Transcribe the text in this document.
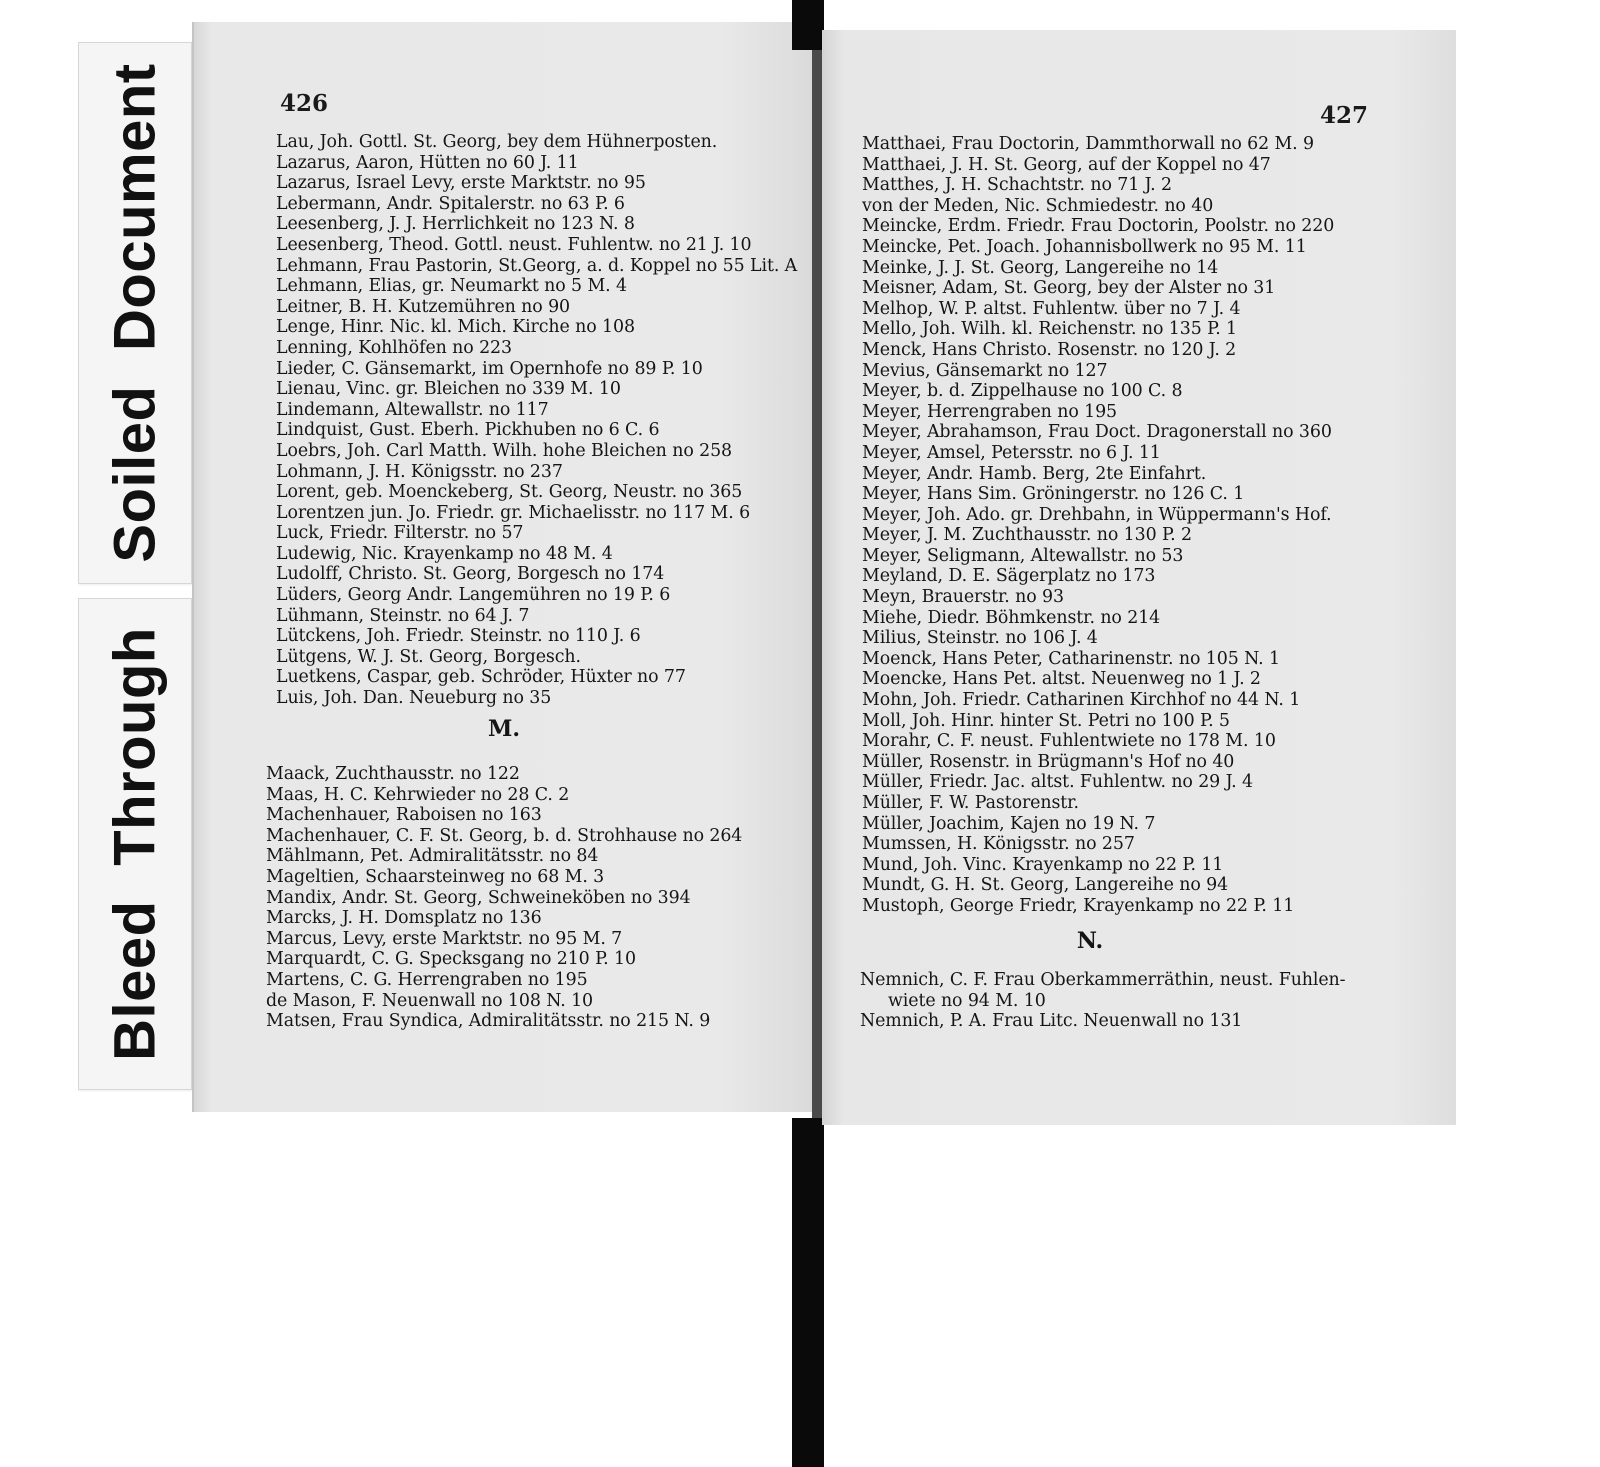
Soiled Document
Bleed Through
426
Lau, Joh. Gottl. St. Georg, bey dem Hühnerposten.
Lazarus, Aaron, Hütten no 60 J. 11
Lazarus, Israel Levy, erste Marktstr. no 95
Lebermann, Andr. Spitalerstr. no 63 P. 6
Leesenberg, J. J. Herrlichkeit no 123 N. 8
Leesenberg, Theod. Gottl. neust. Fuhlentw. no 21 J. 10
Lehmann, Frau Pastorin, St.Georg, a. d. Koppel no 55 Lit. A
Lehmann, Elias, gr. Neumarkt no 5 M. 4
Leitner, B. H. Kutzemühren no 90
Lenge, Hinr. Nic. kl. Mich. Kirche no 108
Lenning, Kohlhöfen no 223
Lieder, C. Gänsemarkt, im Opernhofe no 89 P. 10
Lienau, Vinc. gr. Bleichen no 339 M. 10
Lindemann, Altewallstr. no 117
Lindquist, Gust. Eberh. Pickhuben no 6 C. 6
Loebrs, Joh. Carl Matth. Wilh. hohe Bleichen no 258
Lohmann, J. H. Königsstr. no 237
Lorent, geb. Moenckeberg, St. Georg, Neustr. no 365
Lorentzen jun. Jo. Friedr. gr. Michaelisstr. no 117 M. 6
Luck, Friedr. Filterstr. no 57
Ludewig, Nic. Krayenkamp no 48 M. 4
Ludolff, Christo. St. Georg, Borgesch no 174
Lüders, Georg Andr. Langemühren no 19 P. 6
Lühmann, Steinstr. no 64 J. 7
Lütckens, Joh. Friedr. Steinstr. no 110 J. 6
Lütgens, W. J. St. Georg, Borgesch.
Luetkens, Caspar, geb. Schröder, Hüxter no 77
Luis, Joh. Dan. Neueburg no 35
M.
Maack, Zuchthausstr. no 122
Maas, H. C. Kehrwieder no 28 C. 2
Machenhauer, Raboisen no 163
Machenhauer, C. F. St. Georg, b. d. Strohhause no 264
Mählmann, Pet. Admiralitätsstr. no 84
Mageltien, Schaarsteinweg no 68 M. 3
Mandix, Andr. St. Georg, Schweineköben no 394
Marcks, J. H. Domsplatz no 136
Marcus, Levy, erste Marktstr. no 95 M. 7
Marquardt, C. G. Specksgang no 210 P. 10
Martens, C. G. Herrengraben no 195
de Mason, F. Neuenwall no 108 N. 10
Matsen, Frau Syndica, Admiralitätsstr. no 215 N. 9
427
Matthaei, Frau Doctorin, Dammthorwall no 62 M. 9
Matthaei, J. H. St. Georg, auf der Koppel no 47
Matthes, J. H. Schachtstr. no 71 J. 2
von der Meden, Nic. Schmiedestr. no 40
Meincke, Erdm. Friedr. Frau Doctorin, Poolstr. no 220
Meincke, Pet. Joach. Johannisbollwerk no 95 M. 11
Meinke, J. J. St. Georg, Langereihe no 14
Meisner, Adam, St. Georg, bey der Alster no 31
Melhop, W. P. altst. Fuhlentw. über no 7 J. 4
Mello, Joh. Wilh. kl. Reichenstr. no 135 P. 1
Menck, Hans Christo. Rosenstr. no 120 J. 2
Mevius, Gänsemarkt no 127
Meyer, b. d. Zippelhause no 100 C. 8
Meyer, Herrengraben no 195
Meyer, Abrahamson, Frau Doct. Dragonerstall no 360
Meyer, Amsel, Petersstr. no 6 J. 11
Meyer, Andr. Hamb. Berg, 2te Einfahrt.
Meyer, Hans Sim. Gröningerstr. no 126 C. 1
Meyer, Joh. Ado. gr. Drehbahn, in Wüppermann's Hof.
Meyer, J. M. Zuchthausstr. no 130 P. 2
Meyer, Seligmann, Altewallstr. no 53
Meyland, D. E. Sägerplatz no 173
Meyn, Brauerstr. no 93
Miehe, Diedr. Böhmkenstr. no 214
Milius, Steinstr. no 106 J. 4
Moenck, Hans Peter, Catharinenstr. no 105 N. 1
Moencke, Hans Pet. altst. Neuenweg no 1 J. 2
Mohn, Joh. Friedr. Catharinen Kirchhof no 44 N. 1
Moll, Joh. Hinr. hinter St. Petri no 100 P. 5
Morahr, C. F. neust. Fuhlentwiete no 178 M. 10
Müller, Rosenstr. in Brügmann's Hof no 40
Müller, Friedr. Jac. altst. Fuhlentw. no 29 J. 4
Müller, F. W. Pastorenstr.
Müller, Joachim, Kajen no 19 N. 7
Mumssen, H. Königsstr. no 257
Mund, Joh. Vinc. Krayenkamp no 22 P. 11
Mundt, G. H. St. Georg, Langereihe no 94
Mustoph, George Friedr, Krayenkamp no 22 P. 11
N.
Nemnich, C. F. Frau Oberkammerräthin, neust. Fuhlen-
wiete no 94 M. 10
Nemnich, P. A. Frau Litc. Neuenwall no 131
